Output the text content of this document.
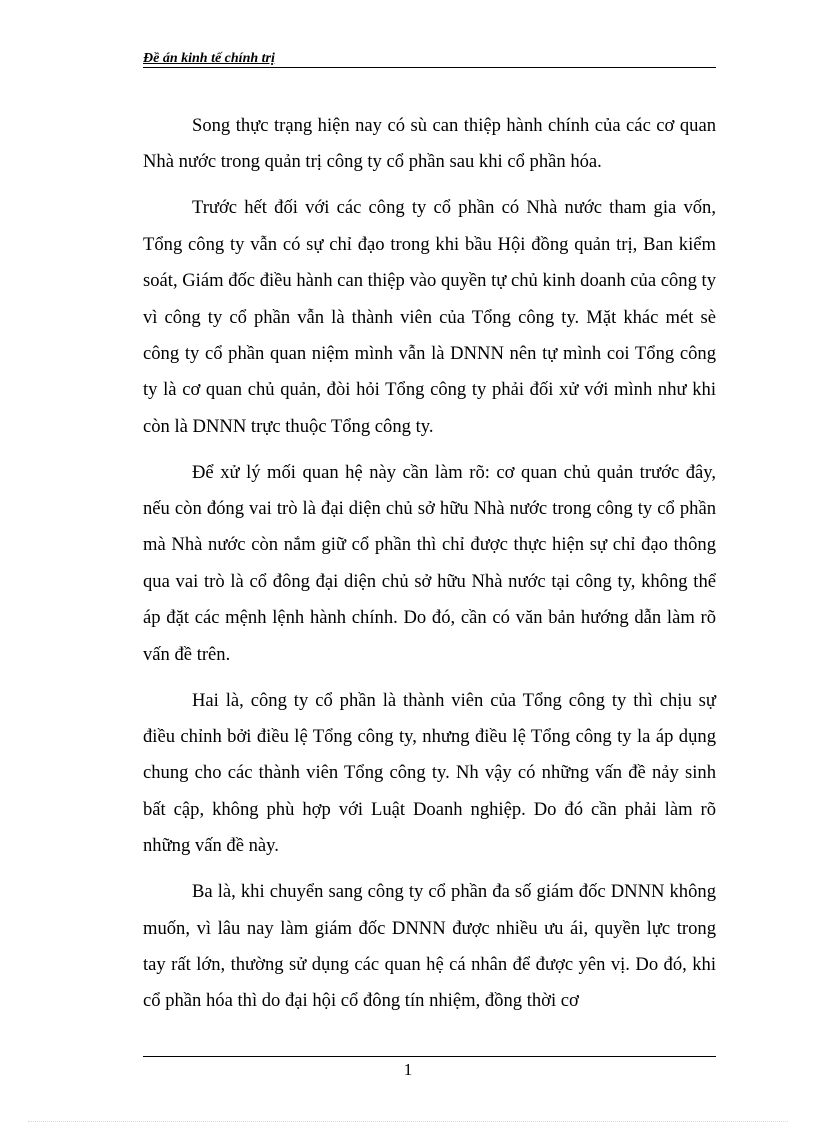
Đề án kinh tế chính trị

Song thực trạng hiện nay có sù can thiệp hành chính của các cơ quan Nhà nước trong quản trị công ty cổ phần sau khi cổ phần hóa.

Trước hết đối với các công ty cổ phần có Nhà nước tham gia vốn, Tổng công ty vẫn có sự chỉ đạo trong khi bầu Hội đồng quản trị, Ban kiểm soát, Giám đốc điều hành can thiệp vào quyền tự chủ kinh doanh của công ty vì công ty cổ phần vẫn là thành viên của Tổng công ty. Mặt khác mét sè công ty cổ phần quan niệm mình vẫn là DNNN nên tự mình coi Tổng công ty là cơ quan chủ quản, đòi hỏi Tổng công ty phải đối xử với mình như khi còn là DNNN trực thuộc Tổng công ty.

Để xử lý mối quan hệ này cần làm rõ: cơ quan chủ quản trước đây, nếu còn đóng vai trò là đại diện chủ sở hữu Nhà nước trong công ty cổ phần mà Nhà nước còn nắm giữ cổ phần thì chỉ được thực hiện sự chỉ đạo thông qua vai trò là cổ đông đại diện chủ sở hữu Nhà nước tại công ty, không thể áp đặt các mệnh lệnh hành chính. Do đó, cần có văn bản hướng dẫn làm rõ vấn đề trên.

Hai là, công ty cổ phần là thành viên của Tổng công ty thì chịu sự điều chỉnh bởi điều lệ Tổng công ty, nhưng điều lệ Tổng công ty la áp dụng chung cho các thành viên Tổng công ty. Nh vậy có những vấn đề nảy sinh bất cập, không phù hợp với Luật Doanh nghiệp. Do đó cần phải làm rõ những vấn đề này.

Ba là, khi chuyển sang công ty cổ phần đa số giám đốc DNNN không muốn, vì lâu nay làm giám đốc DNNN được nhiều ưu ái, quyền lực trong tay rất lớn, thường sử dụng các quan hệ cá nhân để được yên vị. Do đó, khi cổ phần hóa thì do đại hội cổ đông tín nhiệm, đồng thời cơ

1
